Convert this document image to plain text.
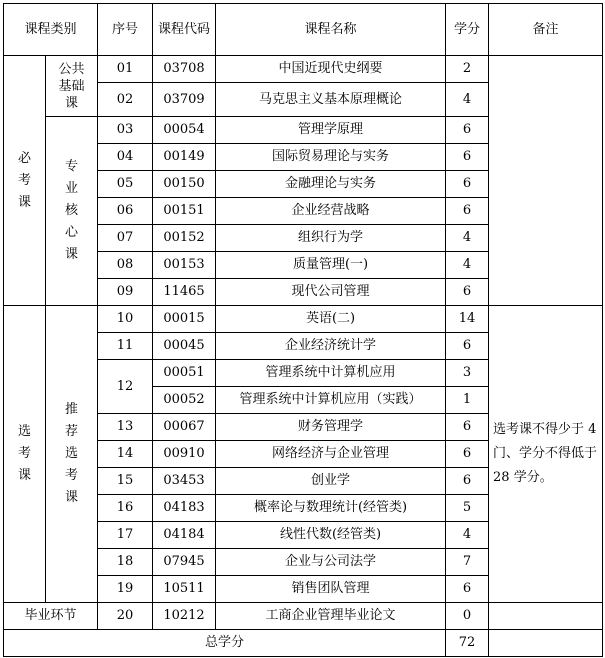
课程类别		序号	课程代码	课程名称	学分	备注

必考课	公共基础课	01	03708	中国近现代史纲要	2	
		02	03709	马克思主义基本原理概论	4	

	专业核心课	03	00054	管理学原理	6	
		04	00149	国际贸易理论与实务	6	
		05	00150	金融理论与实务	6	
		06	00151	企业经营战略	6	
		07	00152	组织行为学	4	
		08	00153	质量管理(一)	4	
		09	11465	现代公司管理	6	

选考课	推荐选考课	10	00015	英语(二)	14	选考课不得少于 4 门、学分不得低于 28 学分。

		11	00045	企业经济统计学	6	
		12	00051	管理系统中计算机应用	3	
			00052	管理系统中计算机应用（实践）	1	
		13	00067	财务管理学	6	
		14	00910	网络经济与企业管理	6	
		15	03453	创业学	6	
		16	04183	概率论与数理统计(经管类)	5	
		17	04184	线性代数(经管类)	4	
		18	07945	企业与公司法学	7	
		19	10511	销售团队管理	6	
毕业环节		20	10212	工商企业管理毕业论文	0	
总学分					72	
